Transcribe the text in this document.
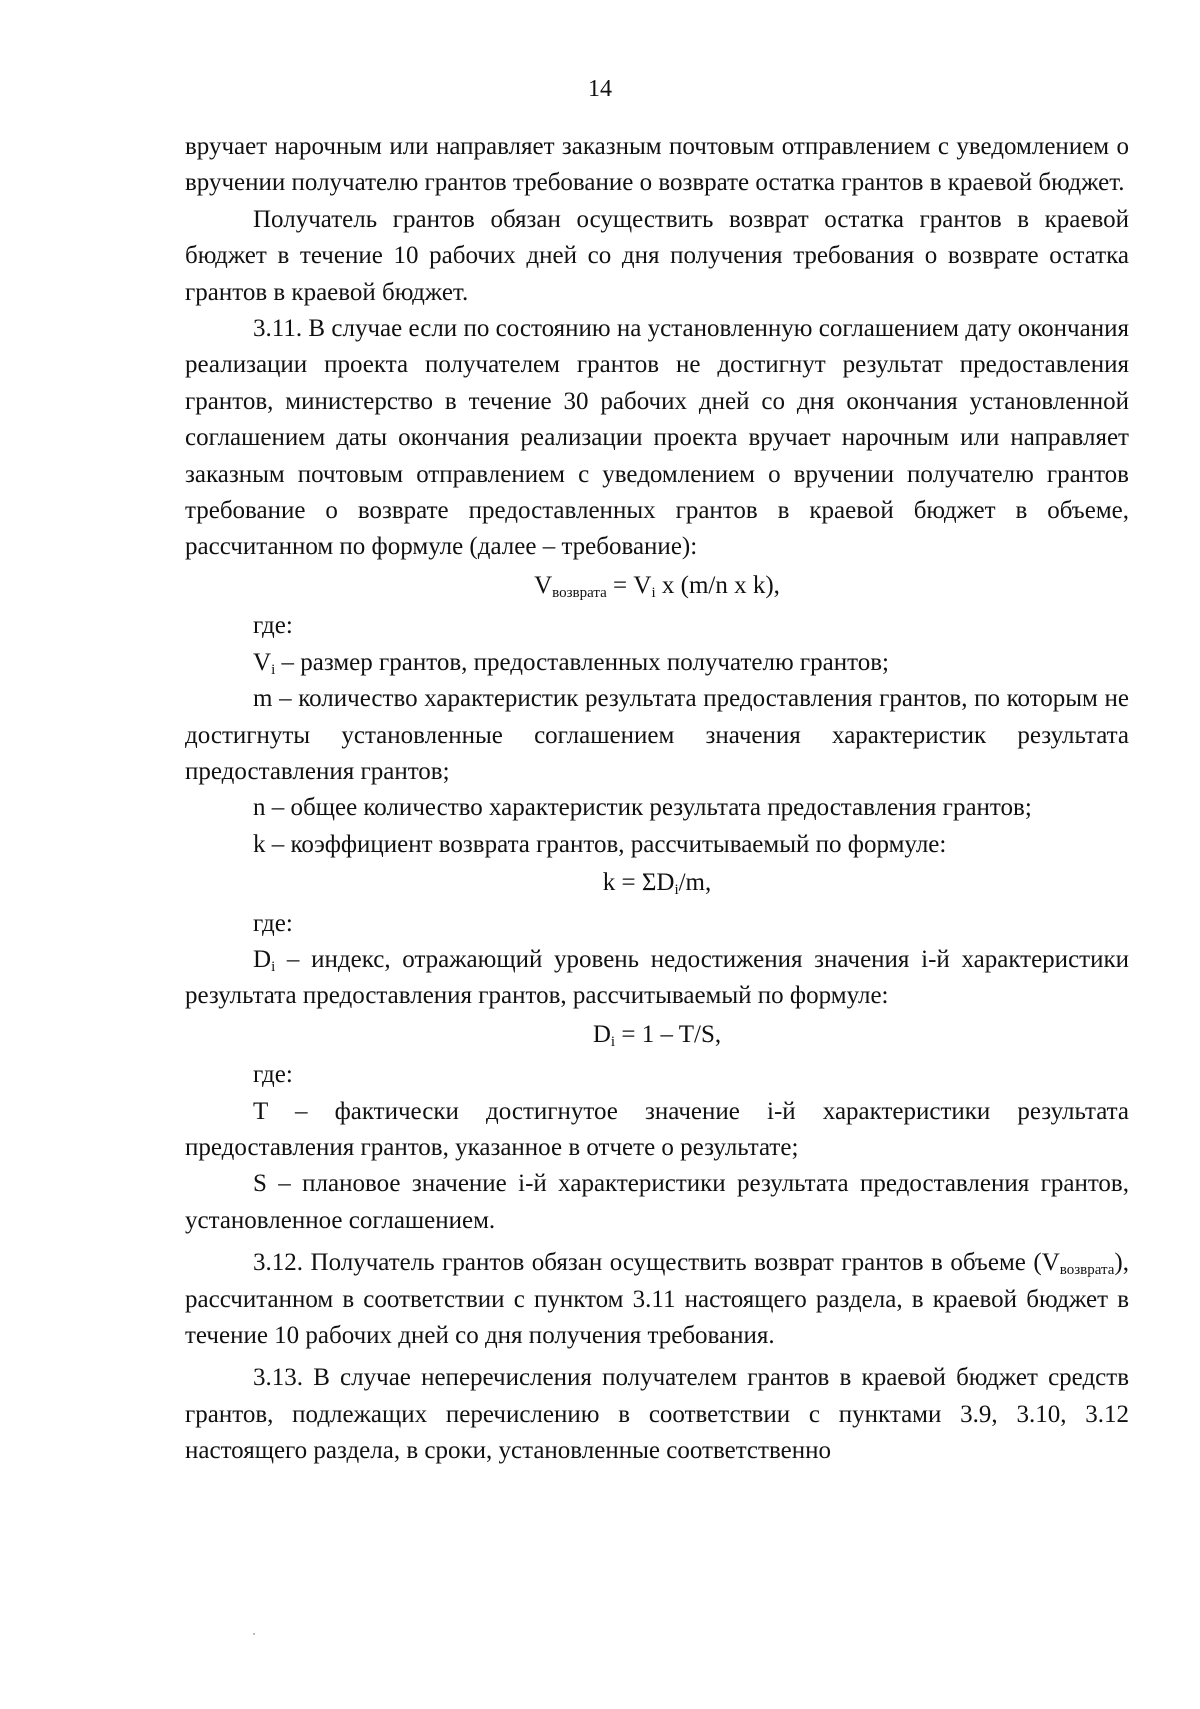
14

вручает нарочным или направляет заказным почтовым отправлением с уведомлением о вручении получателю грантов требование о возврате остатка грантов в краевой бюджет.

Получатель грантов обязан осуществить возврат остатка грантов в краевой бюджет в течение 10 рабочих дней со дня получения требования о возврате остатка грантов в краевой бюджет.

3.11. В случае если по состоянию на установленную соглашением дату окончания реализации проекта получателем грантов не достигнут результат предоставления грантов, министерство в течение 30 рабочих дней со дня окончания установленной соглашением даты окончания реализации проекта вручает нарочным или направляет заказным почтовым отправлением с уведомлением о вручении получателю грантов требование о возврате предоставленных грантов в краевой бюджет в объеме, рассчитанном по формуле (далее – требование):

$V_{возврата} = V_i$ x (m/n x k),

где:

$V_i$ – размер грантов, предоставленных получателю грантов;

m – количество характеристик результата предоставления грантов, по которым не достигнуты установленные соглашением значения характеристик результата предоставления грантов;

n – общее количество характеристик результата предоставления грантов;

k – коэффициент возврата грантов, рассчитываемый по формуле:

$k = \Sigma D_i/m$,

где:

$D_i$ – индекс, отражающий уровень недостижения значения i-й характеристики результата предоставления грантов, рассчитываемый по формуле:

$D_i = 1 - T/S$,

где:

T – фактически достигнутое значение i-й характеристики результата предоставления грантов, указанное в отчете о результате;

S – плановое значение i-й характеристики результата предоставления грантов, установленное соглашением.

3.12. Получатель грантов обязан осуществить возврат грантов в объеме $(V_{возврата})$, рассчитанном в соответствии с пунктом 3.11 настоящего раздела, в краевой бюджет в течение 10 рабочих дней со дня получения требования.

3.13. В случае неперечисления получателем грантов в краевой бюджет средств грантов, подлежащих перечислению в соответствии с пунктами 3.9, 3.10, 3.12 настоящего раздела, в сроки, установленные соответственно
